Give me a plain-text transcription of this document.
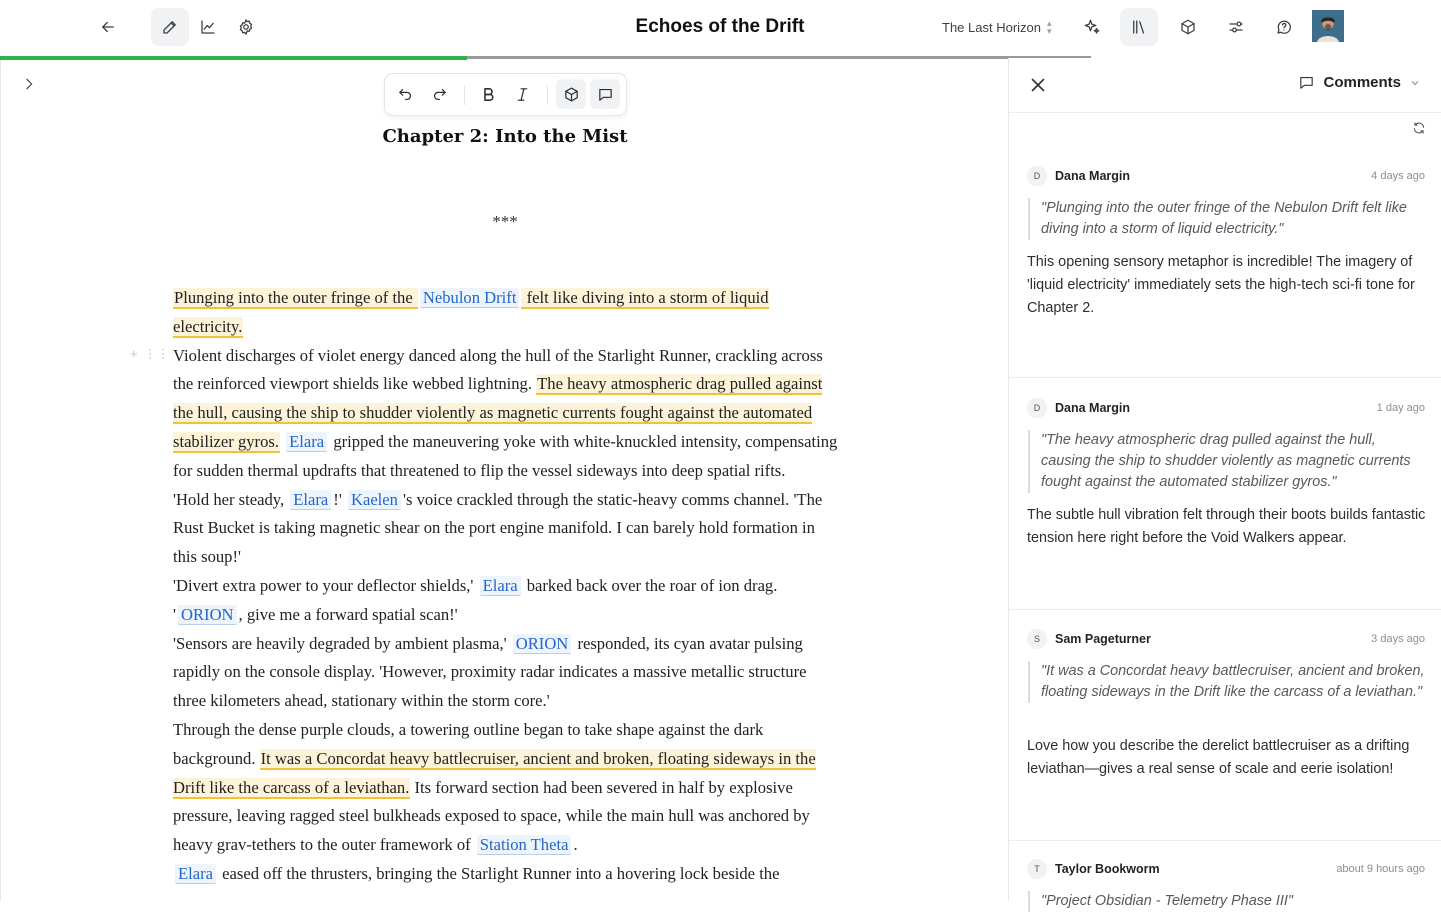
Echoes of the Drift	The Last Horizon ▴
▾
Chapter 2: Into the Mist
***
+ ⋮⋮

Plunging into the outer fringe of the Nebulon Drift felt like diving into a storm of liquid electricity.

Violent discharges of violet energy danced along the hull of the Starlight Runner, crackling across the reinforced viewport shields like webbed lightning. The heavy atmospheric drag pulled against the hull, causing the ship to shudder violently as magnetic currents fought against the automated stabilizer gyros. Elara gripped the maneuvering yoke with white-knuckled intensity, compensating for sudden thermal updrafts that threatened to flip the vessel sideways into deep spatial rifts.

'Hold her steady, Elara !' Kaelen 's voice crackled through the static-heavy comms channel. 'The Rust Bucket is taking magnetic shear on the port engine manifold. I can barely hold formation in this soup!'

'Divert extra power to your deflector shields,' Elara barked back over the roar of ion drag. ' ORION , give me a forward spatial scan!'

'Sensors are heavily degraded by ambient plasma,' ORION responded, its cyan avatar pulsing rapidly on the console display. 'However, proximity radar indicates a massive metallic structure three kilometers ahead, stationary within the storm core.'

Through the dense purple clouds, a towering outline began to take shape against the dark background. It was a Concordat heavy battlecruiser, ancient and broken, floating sideways in the Drift like the carcass of a leviathan. Its forward section had been severed in half by explosive pressure, leaving ragged steel bulkheads exposed to space, while the main hull was anchored by heavy grav-tethers to the outer framework of Station Theta .

Elara eased off the thrusters, bringing the Starlight Runner into a hovering lock beside the

Comments
D	Dana Margin	4 days ago
"Plunging into the outer fringe of the Nebulon Drift felt like diving into a storm of liquid electricity."
This opening sensory metaphor is incredible! The imagery of 'liquid electricity' immediately sets the high-tech sci-fi tone for Chapter 2.
D	Dana Margin	1 day ago
"The heavy atmospheric drag pulled against the hull, causing the ship to shudder violently as magnetic currents fought against the automated stabilizer gyros."
The subtle hull vibration felt through their boots builds fantastic tension here right before the Void Walkers appear.
S	Sam Pageturner	3 days ago
"It was a Concordat heavy battlecruiser, ancient and broken, floating sideways in the Drift like the carcass of a leviathan."
Love how you describe the derelict battlecruiser as a drifting leviathan—gives a real sense of scale and eerie isolation!
T	Taylor Bookworm	about 9 hours ago
"Project Obsidian - Telemetry Phase III"
